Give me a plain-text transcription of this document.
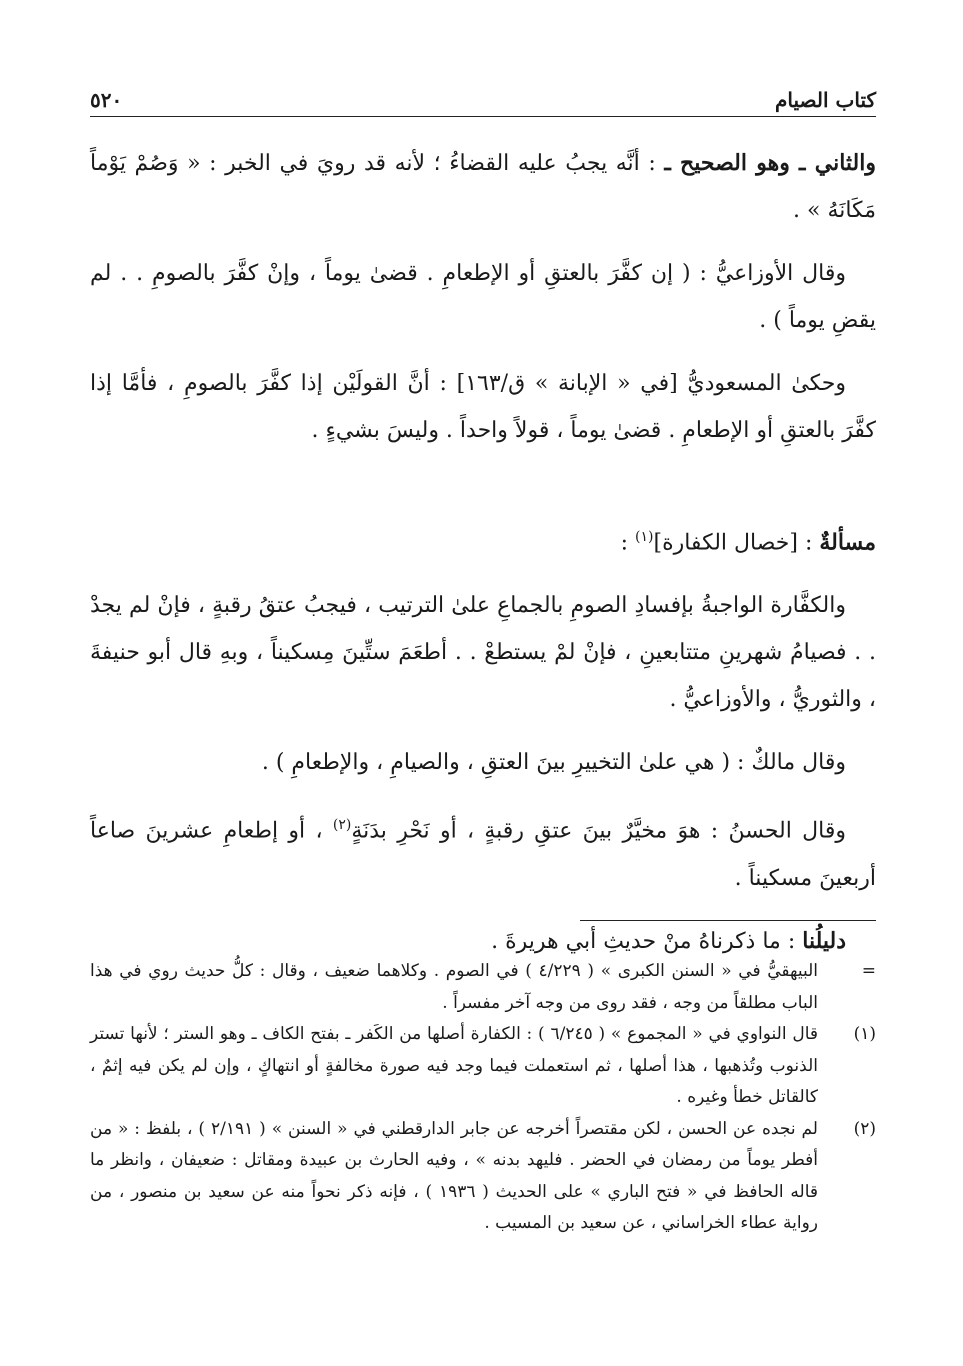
٥٢٠	كتاب الصيام

والثاني ـ وهو الصحيح ـ : أنَّه يجبُ عليه القضاءُ ؛ لأنه قد رويَ في الخبر : « وَصُمْ يَوْماً مَكَانَهُ » .

وقال الأوزاعيُّ : ( إن كفَّرَ بالعتقِ أو الإطعامِ . قضىٰ يوماً ، وإنْ كفَّرَ بالصومِ . . لم يقضِ يوماً ) .

وحكىٰ المسعوديُّ [في « الإبانة » ق/١٦٣] : أنَّ القولَيْن إذا كفَّرَ بالصومِ ، فأمَّا إذا كفَّرَ بالعتقِ أو الإطعامِ . قضىٰ يوماً ، قولاً واحداً . وليسَ بشيءٍ .

مسألةٌ : [خصال الكفارة]$^{(١)}$ :

والكفَّارة الواجبةُ بإفسادِ الصومِ بالجماعِ علىٰ الترتيب ، فيجبُ عتقُ رقبةٍ ، فإنْ لم يجدْ . . فصيامُ شهرينِ متتابعينِ ، فإنْ لمْ يستطعْ . . أطعَمَ ستِّينَ مِسكيناً ، وبهِ قال أبو حنيفةَ ، والثوريُّ ، والأوزاعيُّ .

وقال مالكٌ : ( هي علىٰ التخييرِ بينَ العتقِ ، والصيامِ ، والإطعامِ ) .

وقال الحسنُ : هوَ مخيَّرٌ بينَ عتقِ رقبةٍ ، أو نَحْرِ بدَنَةٍ$^{(٢)}$ ، أو إطعامِ عشرينَ صاعاً أربعينَ مسكيناً .

دليلُنا : ما ذكرناهُ منْ حديثِ أبي هريرةَ .

=
البيهقيُّ في « السنن الكبرى » ( ٤/٢٢٩ ) في الصوم . وكلاهما ضعيف ، وقال : كلُّ حديث روي في هذا الباب مطلقاً من وجه ، فقد روى من وجه آخر مفسراً .
(١)
قال النواوي في « المجموع » ( ٦/٢٤٥ ) : الكفارة أصلها من الكَفر ـ بفتح الكاف ـ وهو الستر ؛ لأنها تستر الذنوب وتُذهبها ، هذا أصلها ، ثم استعملت فيما وجد فيه صورة مخالفةٍ أو انتهاكٍ ، وإن لم يكن فيه إثمٌ ، كالقاتل خطأ وغيره .
(٢)
لم نجده عن الحسن ، لكن مقتصراً أخرجه عن جابر الدارقطني في « السنن » ( ٢/١٩١ ) ، بلفظ : « من أفطر يوماً من رمضان في الحضر . فليهد بدنه » ، وفيه الحارث بن عبيدة ومقاتل : ضعيفان ، وانظر ما قاله الحافظ في « فتح الباري » على الحديث ( ١٩٣٦ ) ، فإنه ذكر نحواً منه عن سعيد بن منصور ، من رواية عطاء الخراساني ، عن سعيد بن المسيب .
